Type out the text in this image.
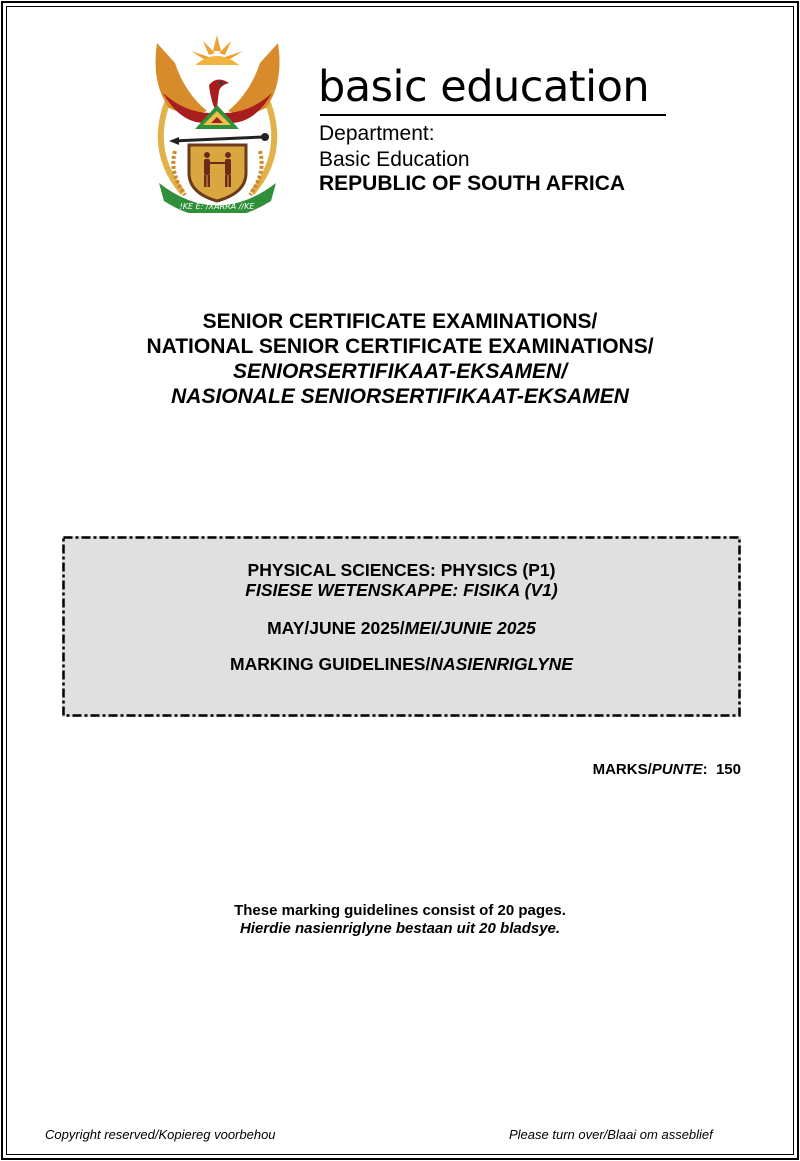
!KE E: /XARRA //KE
basic education
Department:
Basic Education
REPUBLIC OF SOUTH AFRICA
SENIOR CERTIFICATE EXAMINATIONS/
NATIONAL SENIOR CERTIFICATE EXAMINATIONS/
SENIORSERTIFIKAAT-EKSAMEN/
NASIONALE SENIORSERTIFIKAAT-EKSAMEN
PHYSICAL SCIENCES: PHYSICS (P1)
FISIESE WETENSKAPPE: FISIKA (V1)
MAY/JUNE 2025/MEI/JUNIE 2025
MARKING GUIDELINES/NASIENRIGLYNE
MARKS/PUNTE: 150
These marking guidelines consist of 20 pages.
Hierdie nasienriglyne bestaan uit 20 bladsye.
Copyright reserved/Kopiereg voorbehou	Please turn over/Blaai om asseblief
